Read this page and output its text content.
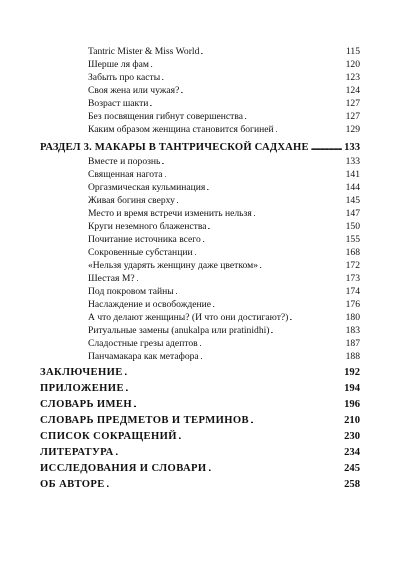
Tantric Mister & Miss World . . .	115
Шерше ля фам . . .	120
Забыть про касты . . .	123
Своя жена или чужая? . . .	124
Возраст шакти . . .	127
Без посвящения гибнут совершенства . . .	127
Каким образом женщина становится богиней . . .	129
РАЗДЕЛ 3. МАКАРЫ В ТАНТРИЧЕСКОЙ САДХАНЕ . . .	133
Вместе и порознь . . .	133
Священная нагота . . .	141
Оргазмическая кульминация . . .	144
Живая богиня сверху . . .	145
Место и время встречи изменить нельзя . . .	147
Круги неземного блаженства . . .	150
Почитание источника всего . . .	155
Сокровенные субстанции . . .	168
«Нельзя ударять женщину даже цветком» . . .	172
Шестая М? . . .	173
Под покровом тайны . . .	174
Наслаждение и освобождение . . .	176
А что делают женщины? (И что они достигают?) . . .	180
Ритуальные замены (anukalpa или pratinidhi) . . .	183
Сладостные грезы адептов . . .	187
Панчамакара как метафора . . .	188
ЗАКЛЮЧЕНИЕ . . .	192
ПРИЛОЖЕНИЕ . . .	194
СЛОВАРЬ ИМЕН . . .	196
СЛОВАРЬ ПРЕДМЕТОВ И ТЕРМИНОВ . . .	210
СПИСОК СОКРАЩЕНИЙ . . .	230
ЛИТЕРАТУРА . . .	234
ИССЛЕДОВАНИЯ И СЛОВАРИ . . .	245
ОБ АВТОРЕ . . .	258
